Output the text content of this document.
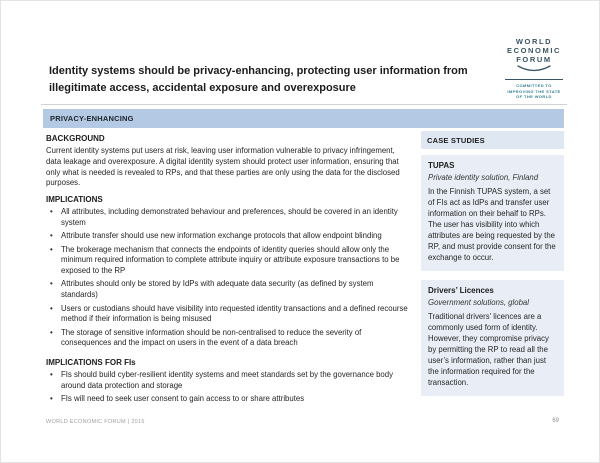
WORLD
ECONOMIC
FORUM
COMMITTED TO
IMPROVING THE STATE
OF THE WORLD
Identity systems should be privacy-enhancing, protecting user information from
illegitimate access, accidental exposure and overexposure
PRIVACY-ENHANCING
BACKGROUND

Current identity systems put users at risk, leaving user information vulnerable to privacy infringement, data leakage and overexposure. A digital identity system should protect user information, ensuring that only what is needed is revealed to RPs, and that these parties are only using the data for the disclosed purposes.

IMPLICATIONS
• All attributes, including demonstrated behaviour and preferences, should be covered in an identity system
• Attribute transfer should use new information exchange protocols that allow endpoint blinding
• The brokerage mechanism that connects the endpoints of identity queries should allow only the minimum required information to complete attribute inquiry or attribute exposure transactions to be exposed to the RP
• Attributes should only be stored by IdPs with adequate data security (as defined by system standards)
• Users or custodians should have visibility into requested identity transactions and a defined recourse method if their information is being misused
• The storage of sensitive information should be non-centralised to reduce the severity of consequences and the impact on users in the event of a data breach
IMPLICATIONS FOR FIs
• FIs should build cyber-resilient identity systems and meet standards set by the governance body around data protection and storage
• FIs will need to seek user consent to gain access to or share attributes
CASE STUDIES
TUPAS
Private identity solution, Finland

In the Finnish TUPAS system, a set of FIs act as IdPs and transfer user information on their behalf to RPs. The user has visibility into which attributes are being requested by the RP, and must provide consent for the exchange to occur.

Drivers’ Licences
Government solutions, global

Traditional drivers’ licences are a commonly used form of identity. However, they compromise privacy by permitting the RP to read all the user’s information, rather than just the information required for the transaction.

WORLD ECONOMIC FORUM | 2016	69
